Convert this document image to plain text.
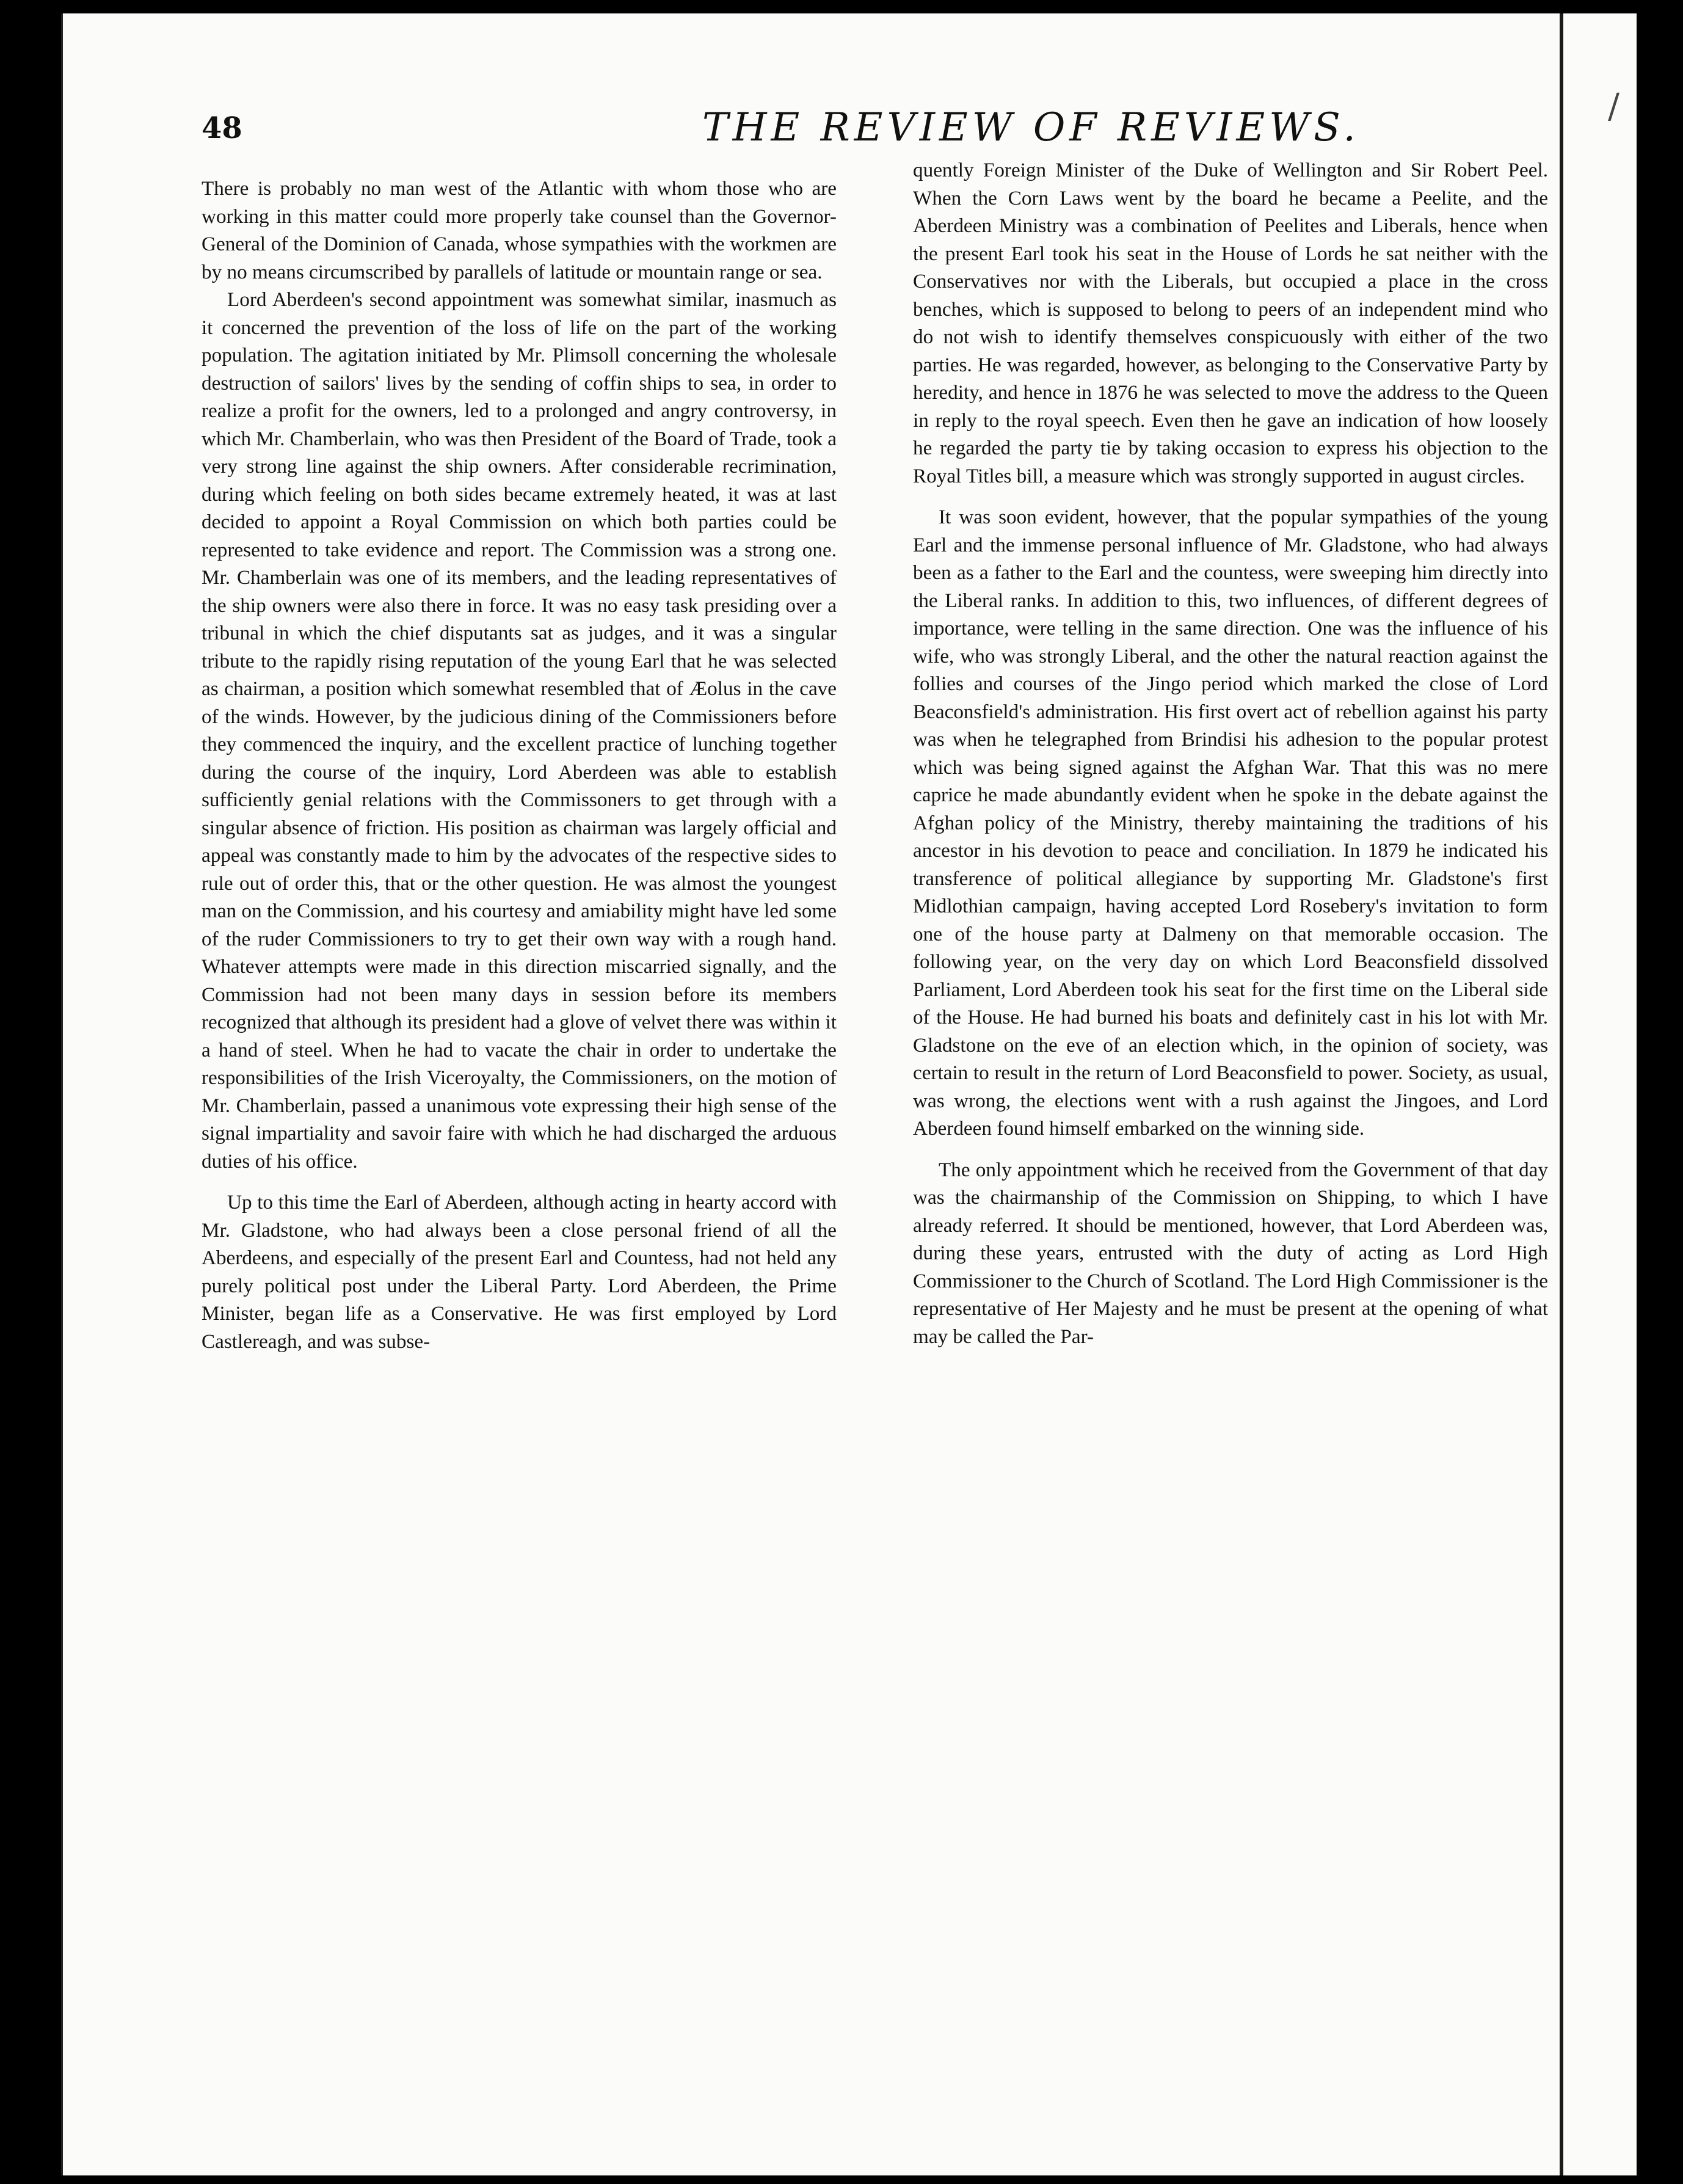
/
48	THE REVIEW OF REVIEWS.

There is probably no man west of the Atlantic with whom those who are working in this matter could more properly take counsel than the Governor-General of the Dominion of Canada, whose sympathies with the workmen are by no means circumscribed by parallels of latitude or mountain range or sea.

Lord Aberdeen's second appointment was somewhat similar, inasmuch as it concerned the prevention of the loss of life on the part of the working population. The agitation initiated by Mr. Plimsoll concerning the wholesale destruction of sailors' lives by the sending of coffin ships to sea, in order to realize a profit for the owners, led to a prolonged and angry controversy, in which Mr. Chamberlain, who was then President of the Board of Trade, took a very strong line against the ship owners. After considerable recrimination, during which feeling on both sides became extremely heated, it was at last decided to appoint a Royal Commission on which both parties could be represented to take evidence and report. The Commission was a strong one. Mr. Chamberlain was one of its members, and the leading representatives of the ship owners were also there in force. It was no easy task presiding over a tribunal in which the chief disputants sat as judges, and it was a singular tribute to the rapidly rising reputation of the young Earl that he was selected as chairman, a position which somewhat resembled that of Æolus in the cave of the winds. However, by the judicious dining of the Commissioners before they commenced the inquiry, and the excellent practice of lunching together during the course of the inquiry, Lord Aberdeen was able to establish sufficiently genial relations with the Commissoners to get through with a singular absence of friction. His position as chairman was largely official and appeal was constantly made to him by the advocates of the respective sides to rule out of order this, that or the other question. He was almost the youngest man on the Commission, and his courtesy and amiability might have led some of the ruder Commissioners to try to get their own way with a rough hand. Whatever attempts were made in this direction miscarried signally, and the Commission had not been many days in session before its members recognized that although its president had a glove of velvet there was within it a hand of steel. When he had to vacate the chair in order to undertake the responsibilities of the Irish Viceroyalty, the Commissioners, on the motion of Mr. Chamberlain, passed a unanimous vote expressing their high sense of the signal impartiality and savoir faire with which he had discharged the arduous duties of his office.

Up to this time the Earl of Aberdeen, although acting in hearty accord with Mr. Gladstone, who had always been a close personal friend of all the Aberdeens, and especially of the present Earl and Countess, had not held any purely political post under the Liberal Party. Lord Aberdeen, the Prime Minister, began life as a Conservative. He was first employed by Lord Castlereagh, and was subse-

quently Foreign Minister of the Duke of Wellington and Sir Robert Peel. When the Corn Laws went by the board he became a Peelite, and the Aberdeen Ministry was a combination of Peelites and Liberals, hence when the present Earl took his seat in the House of Lords he sat neither with the Conservatives nor with the Liberals, but occupied a place in the cross benches, which is supposed to belong to peers of an independent mind who do not wish to identify themselves conspicuously with either of the two parties. He was regarded, however, as belonging to the Conservative Party by heredity, and hence in 1876 he was selected to move the address to the Queen in reply to the royal speech. Even then he gave an indication of how loosely he regarded the party tie by taking occasion to express his objection to the Royal Titles bill, a measure which was strongly supported in august circles.

It was soon evident, however, that the popular sympathies of the young Earl and the immense personal influence of Mr. Gladstone, who had always been as a father to the Earl and the countess, were sweeping him directly into the Liberal ranks. In addition to this, two influences, of different degrees of importance, were telling in the same direction. One was the influence of his wife, who was strongly Liberal, and the other the natural reaction against the follies and courses of the Jingo period which marked the close of Lord Beaconsfield's administration. His first overt act of rebellion against his party was when he telegraphed from Brindisi his adhesion to the popular protest which was being signed against the Afghan War. That this was no mere caprice he made abundantly evident when he spoke in the debate against the Afghan policy of the Ministry, thereby maintaining the traditions of his ancestor in his devotion to peace and conciliation. In 1879 he indicated his transference of political allegiance by supporting Mr. Gladstone's first Midlothian campaign, having accepted Lord Rosebery's invitation to form one of the house party at Dalmeny on that memorable occasion. The following year, on the very day on which Lord Beaconsfield dissolved Parliament, Lord Aberdeen took his seat for the first time on the Liberal side of the House. He had burned his boats and definitely cast in his lot with Mr. Gladstone on the eve of an election which, in the opinion of society, was certain to result in the return of Lord Beaconsfield to power. Society, as usual, was wrong, the elections went with a rush against the Jingoes, and Lord Aberdeen found himself embarked on the winning side.

The only appointment which he received from the Government of that day was the chairmanship of the Commission on Shipping, to which I have already referred. It should be mentioned, however, that Lord Aberdeen was, during these years, entrusted with the duty of acting as Lord High Commissioner to the Church of Scotland. The Lord High Commissioner is the representative of Her Majesty and he must be present at the opening of what may be called the Par-
